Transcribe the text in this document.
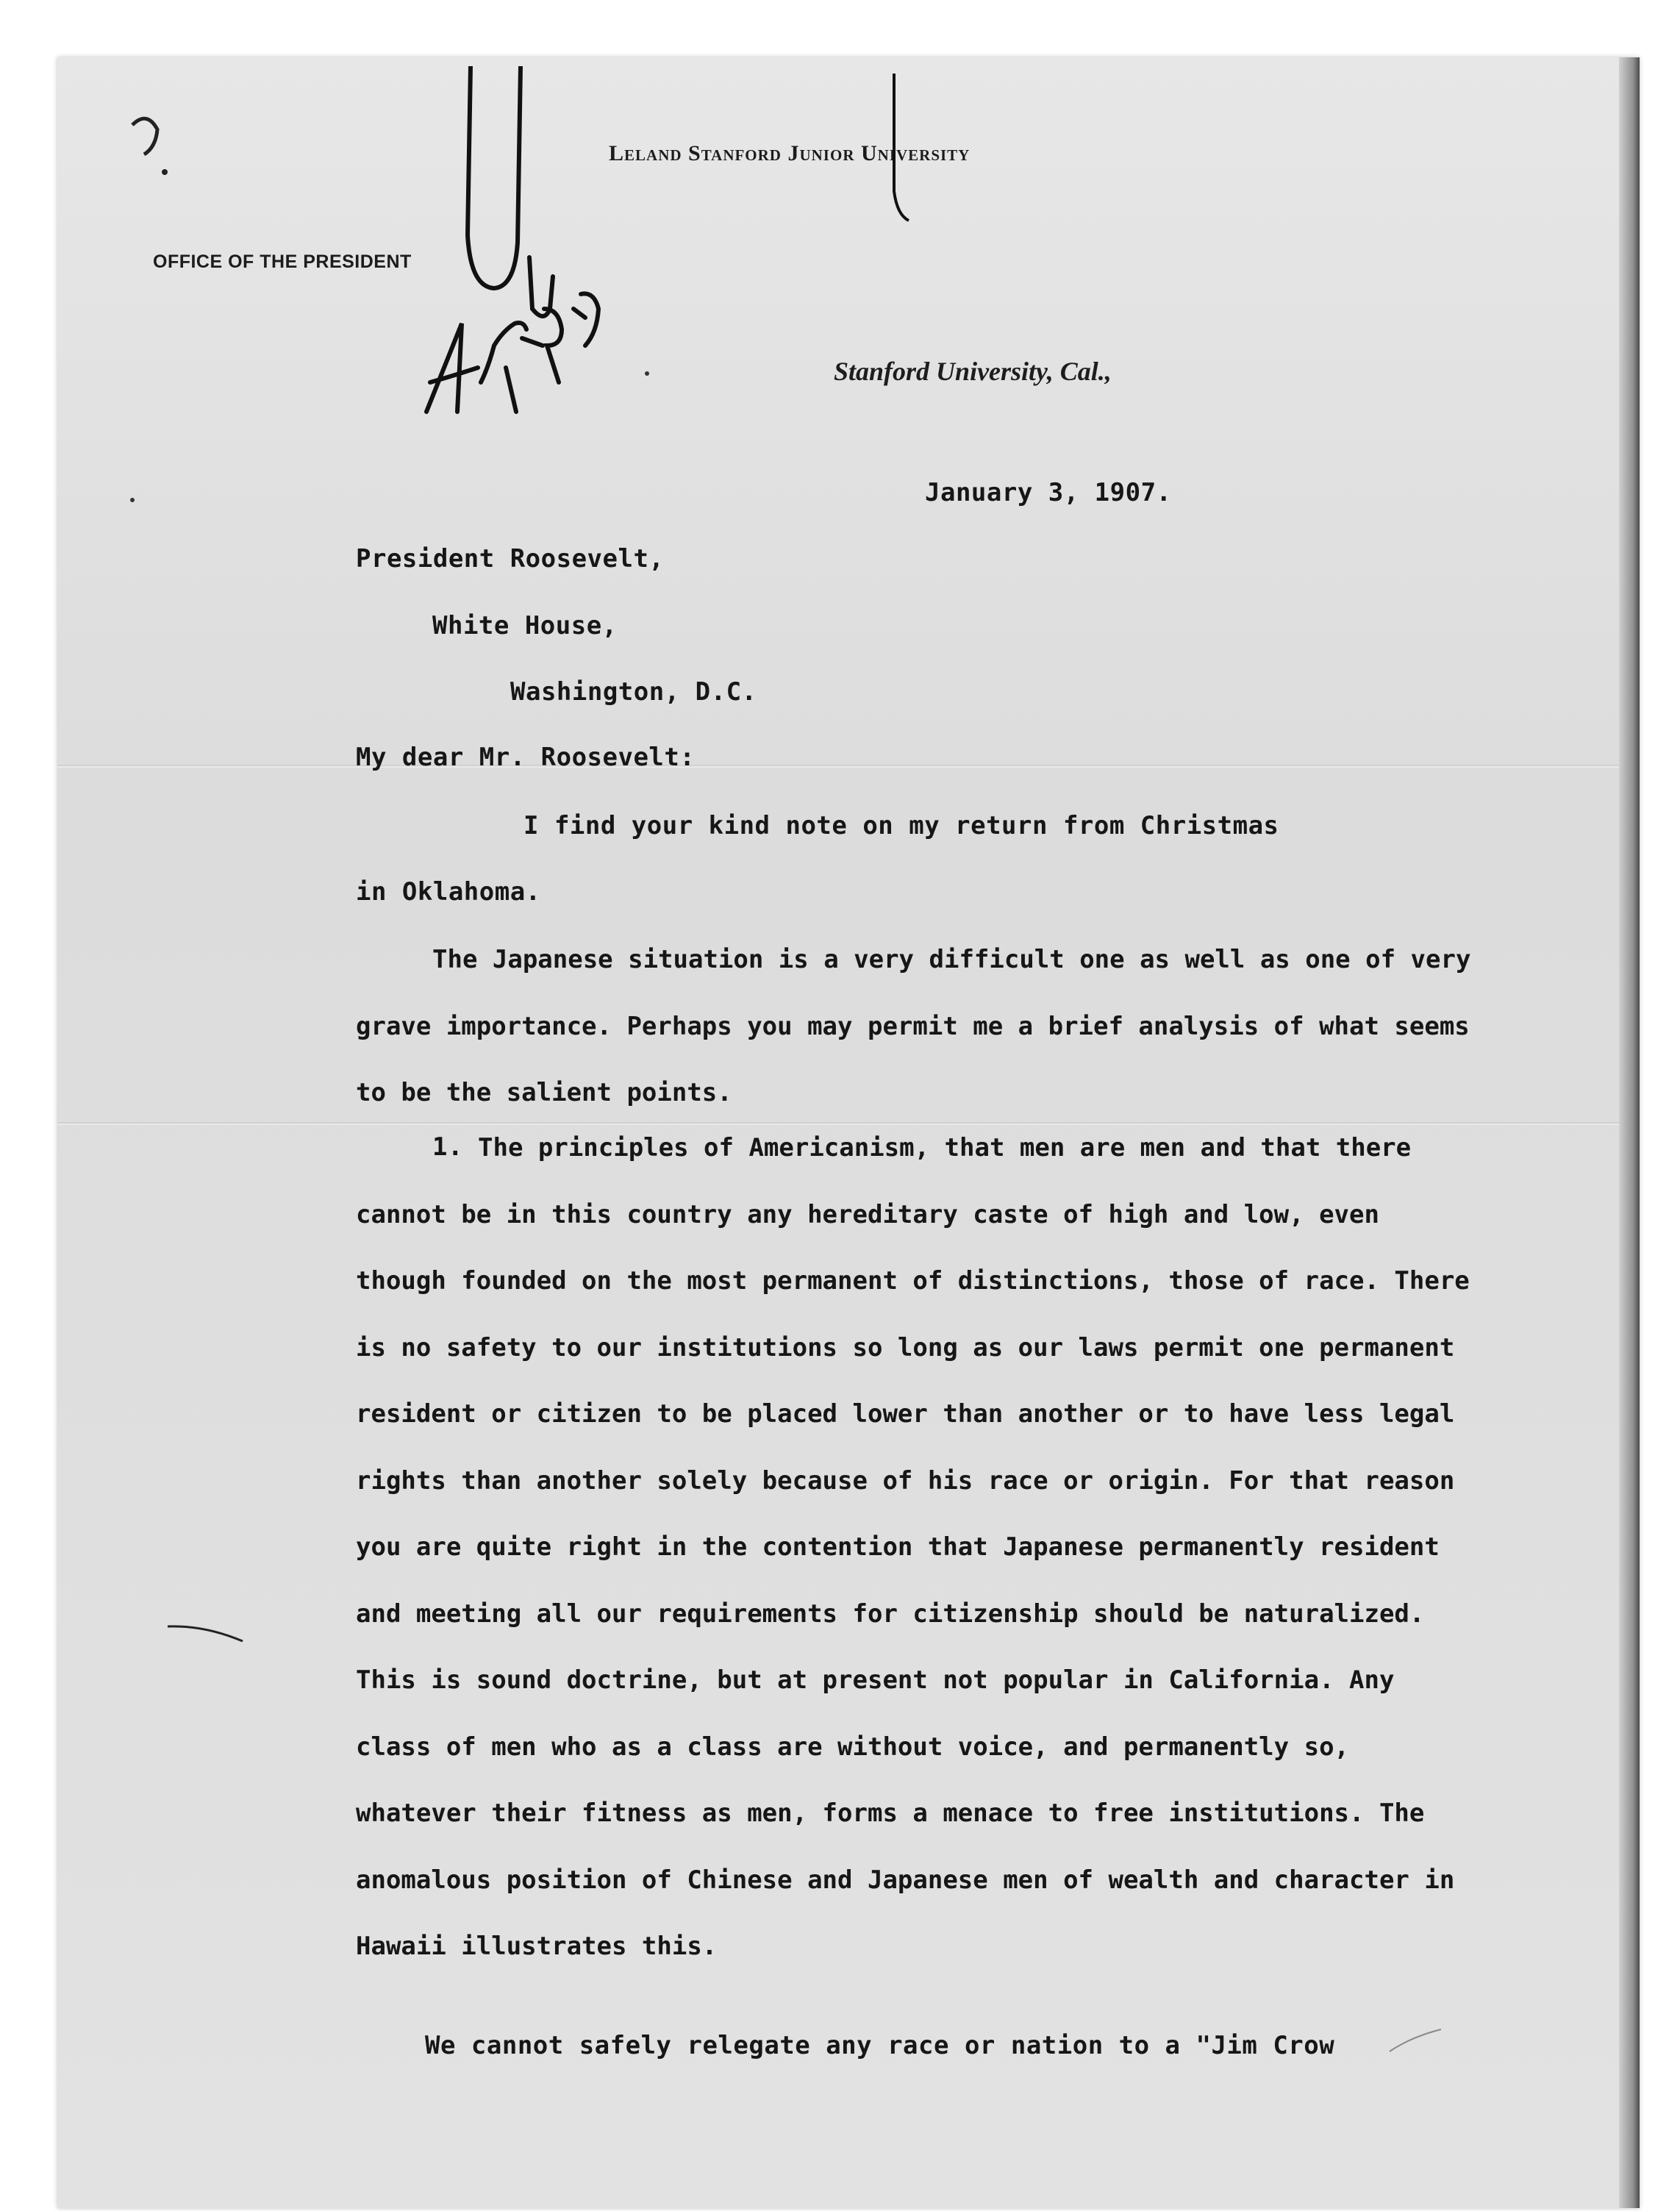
Leland Stanford Junior University
OFFICE OF THE PRESIDENT
Stanford University, Cal.,
January 3, 1907.
President Roosevelt,
White House,
Washington, D.C.
My dear Mr. Roosevelt:
I find your kind note on my return from Christmas
in Oklahoma.

The Japanese situation is a very difficult one as well as one of very grave importance. Perhaps you may permit me a brief analysis of what seems to be the salient points.

1. The principles of Americanism, that men are men and that there cannot be in this country any hereditary caste of high and low, even though founded on the most permanent of distinctions, those of race. There is no safety to our institutions so long as our laws permit one permanent resident or citizen to be placed lower than another or to have less legal rights than another solely because of his race or origin. For that reason you are quite right in the contention that Japanese permanently resident and meeting all our requirements for citizenship should be naturalized. This is sound doctrine, but at present not popular in California. Any class of men who as a class are without voice, and permanently so, whatever their fitness as men, forms a menace to free institutions. The anomalous position of Chinese and Japanese men of wealth and character in Hawaii illustrates this.

We cannot safely relegate any race or nation to a "Jim Crow
